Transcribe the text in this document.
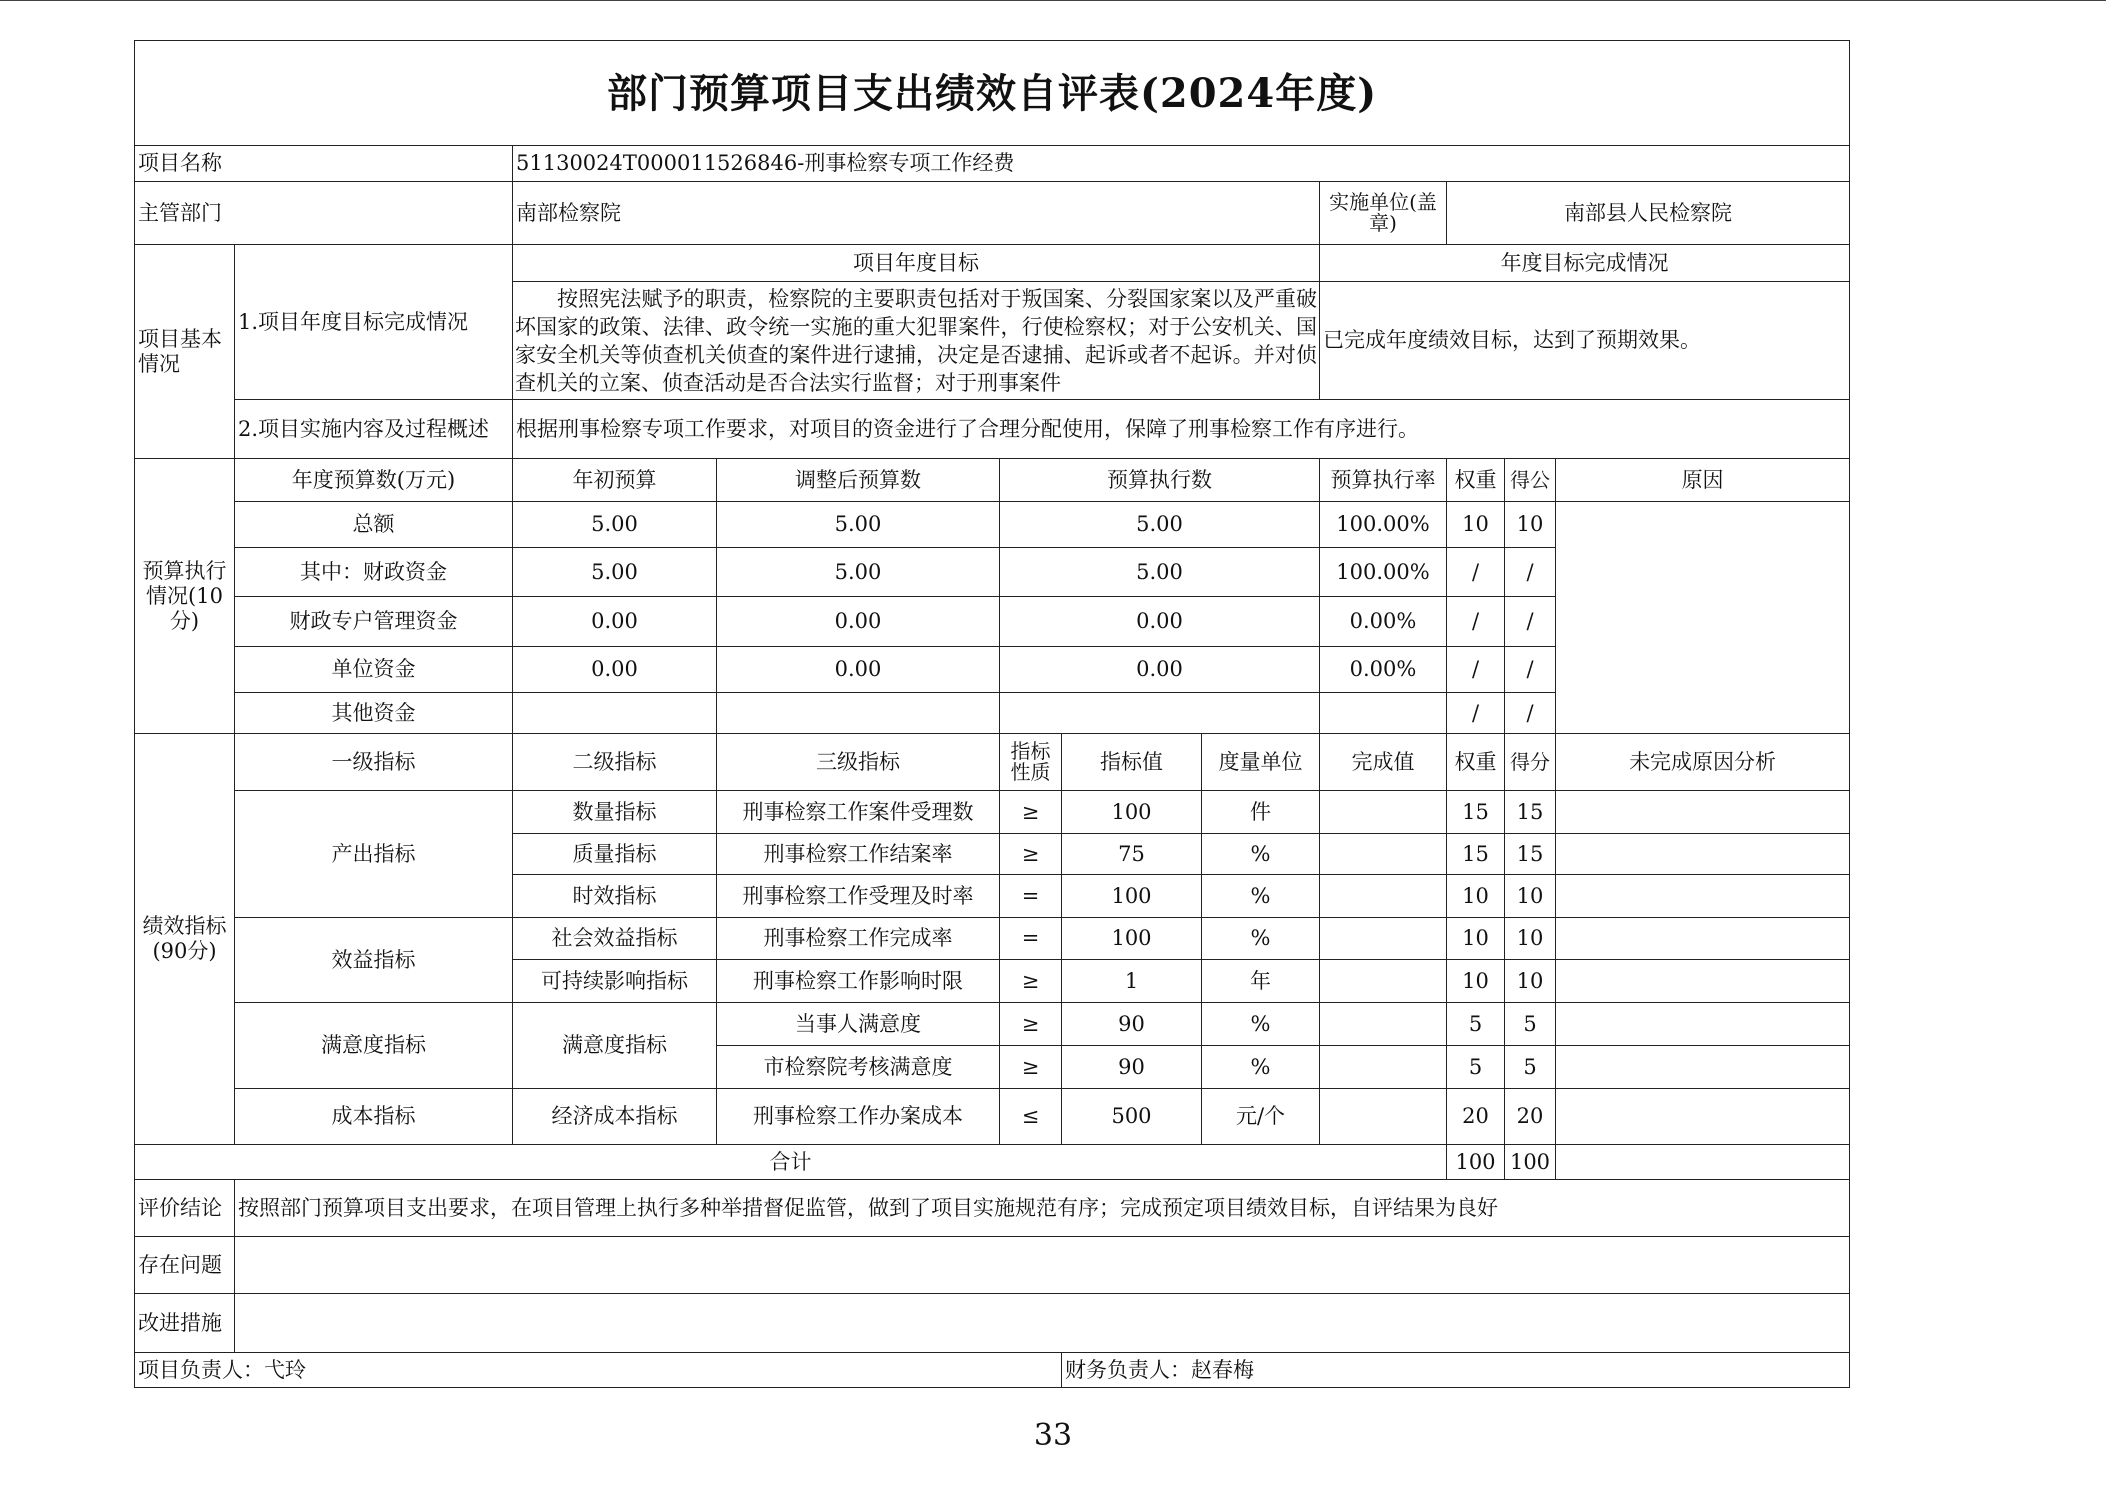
部门预算项目支出绩效自评表(2024年度)										
项目名称		51130024T000011526846-刑事检察专项工作经费								
主管部门		南部检察院					实施单位(盖章)	南部县人民检察院		
项目基本情况	1.项目年度目标完成情况	项目年度目标					年度目标完成情况			
		按照宪法赋予的职责，检察院的主要职责包括对于叛国案、分裂国家案以及严重破坏国家的政策、法律、政令统一实施的重大犯罪案件，行使检察权；对于公安机关、国家安全机关等侦查机关侦查的案件进行逮捕，决定是否逮捕、起诉或者不起诉。并对侦查机关的立案、侦查活动是否合法实行监督；对于刑事案件					已完成年度绩效目标，达到了预期效果。			
	2.项目实施内容及过程概述	根据刑事检察专项工作要求，对项目的资金进行了合理分配使用，保障了刑事检察工作有序进行。								
预算执行情况(10分)	年度预算数(万元)	年初预算	调整后预算数	预算执行数			预算执行率	权重	得公	原因
	总额	5.00	5.00	5.00			100.00%	10	10	
	其中：财政资金	5.00	5.00	5.00			100.00%	/	/	
	财政专户管理资金	0.00	0.00	0.00			0.00%	/	/	
	单位资金	0.00	0.00	0.00			0.00%	/	/	
	其他资金							/	/	
绩效指标(90分)	一级指标	二级指标	三级指标	指标性质	指标值	度量单位	完成值	权重	得分	未完成原因分析
	产出指标	数量指标	刑事检察工作案件受理数	≥	100	件		15	15	
		质量指标	刑事检察工作结案率	≥	75	%		15	15	
		时效指标	刑事检察工作受理及时率	=	100	%		10	10	
	效益指标	社会效益指标	刑事检察工作完成率	=	100	%		10	10	
		可持续影响指标	刑事检察工作影响时限	≥	1	年		10	10	
	满意度指标	满意度指标	当事人满意度	≥	90	%		5	5	
			市检察院考核满意度	≥	90	%		5	5	
	成本指标	经济成本指标	刑事检察工作办案成本	≤	500	元/个		20	20	
合计								100	100	
评价结论	按照部门预算项目支出要求，在项目管理上执行多种举措督促监管，做到了项目实施规范有序；完成预定项目绩效目标，自评结果为良好									
存在问题										
改进措施										
项目负责人：弋玲					财务负责人：赵春梅					
33
